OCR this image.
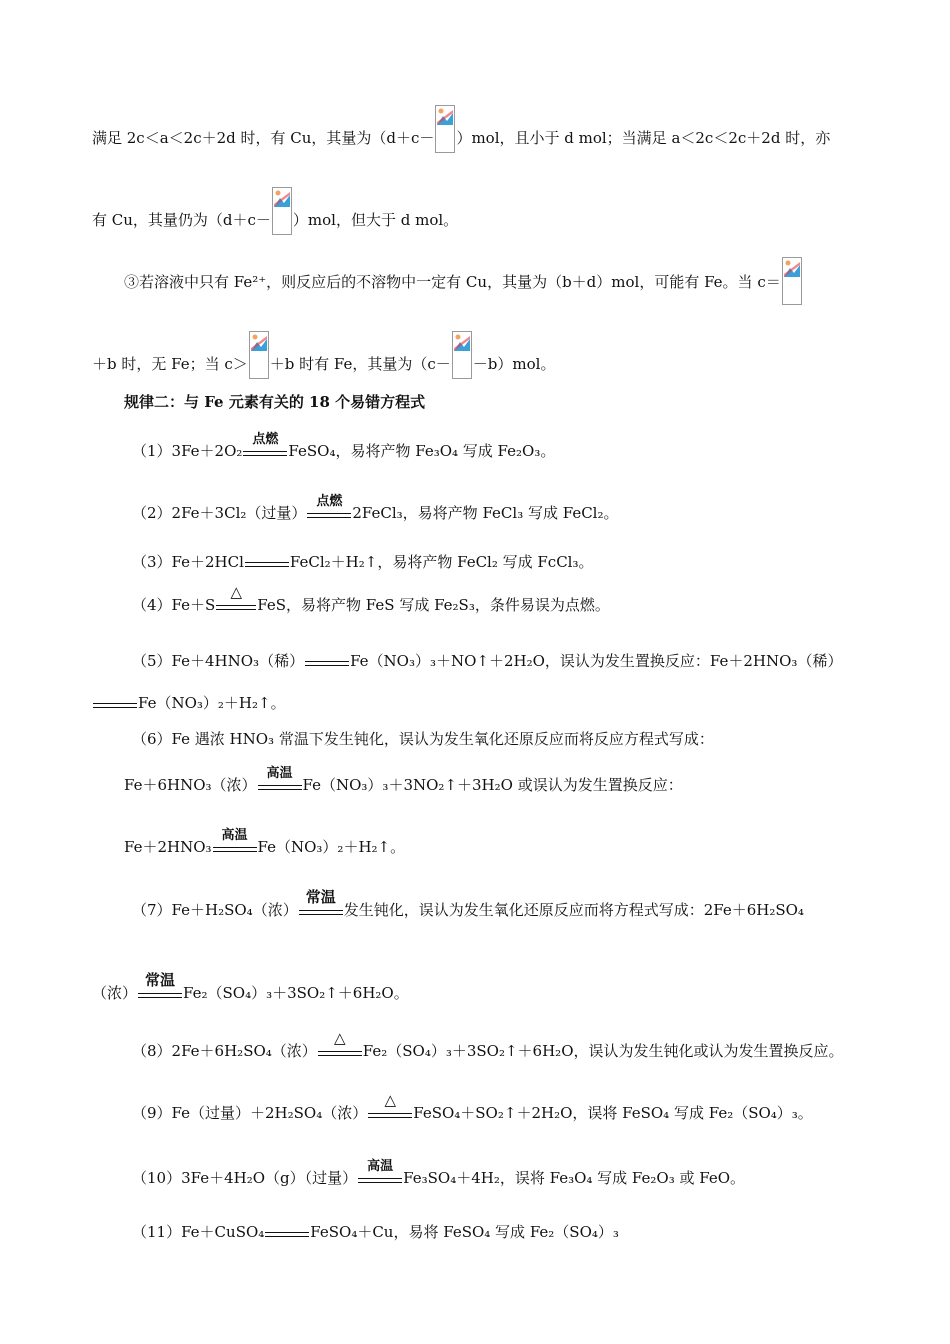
满足 2c＜a＜2c＋2d 时，有 Cu，其量为（d＋c－ ）mol，且小于 d mol；当满足 a＜2c＜2c＋2d 时，亦
有 Cu，其量仍为（d＋c－ ）mol，但大于 d mol。
③若溶液中只有 Fe²⁺，则反应后的不溶物中一定有 Cu，其量为（b＋d）mol，可能有 Fe。当 c＝
＋b 时，无 Fe；当 c＞ ＋b 时有 Fe，其量为（c－ －b）mol。
规律二：与 Fe 元素有关的 18 个易错方程式
（1）3Fe＋2O₂
点燃
FeSO₄，易将产物 Fe₃O₄ 写成 Fe₂O₃。
（2）2Fe＋3Cl₂（过量）
点燃
2FeCl₃，易将产物 FeCl₃ 写成 FeCl₂。
（3）Fe＋2HCl	FeCl₂＋H₂↑，易将产物 FeCl₂ 写成 FcCl₃。
（4）Fe＋S
△
FeS，易将产物 FeS 写成 Fe₂S₃，条件易误为点燃。
（5）Fe＋4HNO₃（稀）	Fe（NO₃）₃＋NO↑＋2H₂O，误认为发生置换反应：Fe＋2HNO₃（稀）
Fe（NO₃）₂＋H₂↑。
（6）Fe 遇浓 HNO₃ 常温下发生钝化，误认为发生氧化还原反应而将反应方程式写成：
Fe＋6HNO₃（浓）
高温
Fe（NO₃）₃＋3NO₂↑＋3H₂O 或误认为发生置换反应：
Fe＋2HNO₃
高温
Fe（NO₃）₂＋H₂↑。
（7）Fe＋H₂SO₄（浓）
常温
发生钝化，误认为发生氧化还原反应而将方程式写成：2Fe＋6H₂SO₄
（浓）
常温
Fe₂（SO₄）₃＋3SO₂↑＋6H₂O。
（8）2Fe＋6H₂SO₄（浓）
△
Fe₂（SO₄）₃＋3SO₂↑＋6H₂O，误认为发生钝化或认为发生置换反应。
（9）Fe（过量）＋2H₂SO₄（浓）
△
FeSO₄＋SO₂↑＋2H₂O，误将 FeSO₄ 写成 Fe₂（SO₄）₃。
（10）3Fe＋4H₂O（g）（过量）
高温
Fe₃SO₄＋4H₂，误将 Fe₃O₄ 写成 Fe₂O₃ 或 FeO。
（11）Fe＋CuSO₄	FeSO₄＋Cu，易将 FeSO₄ 写成 Fe₂（SO₄）₃
